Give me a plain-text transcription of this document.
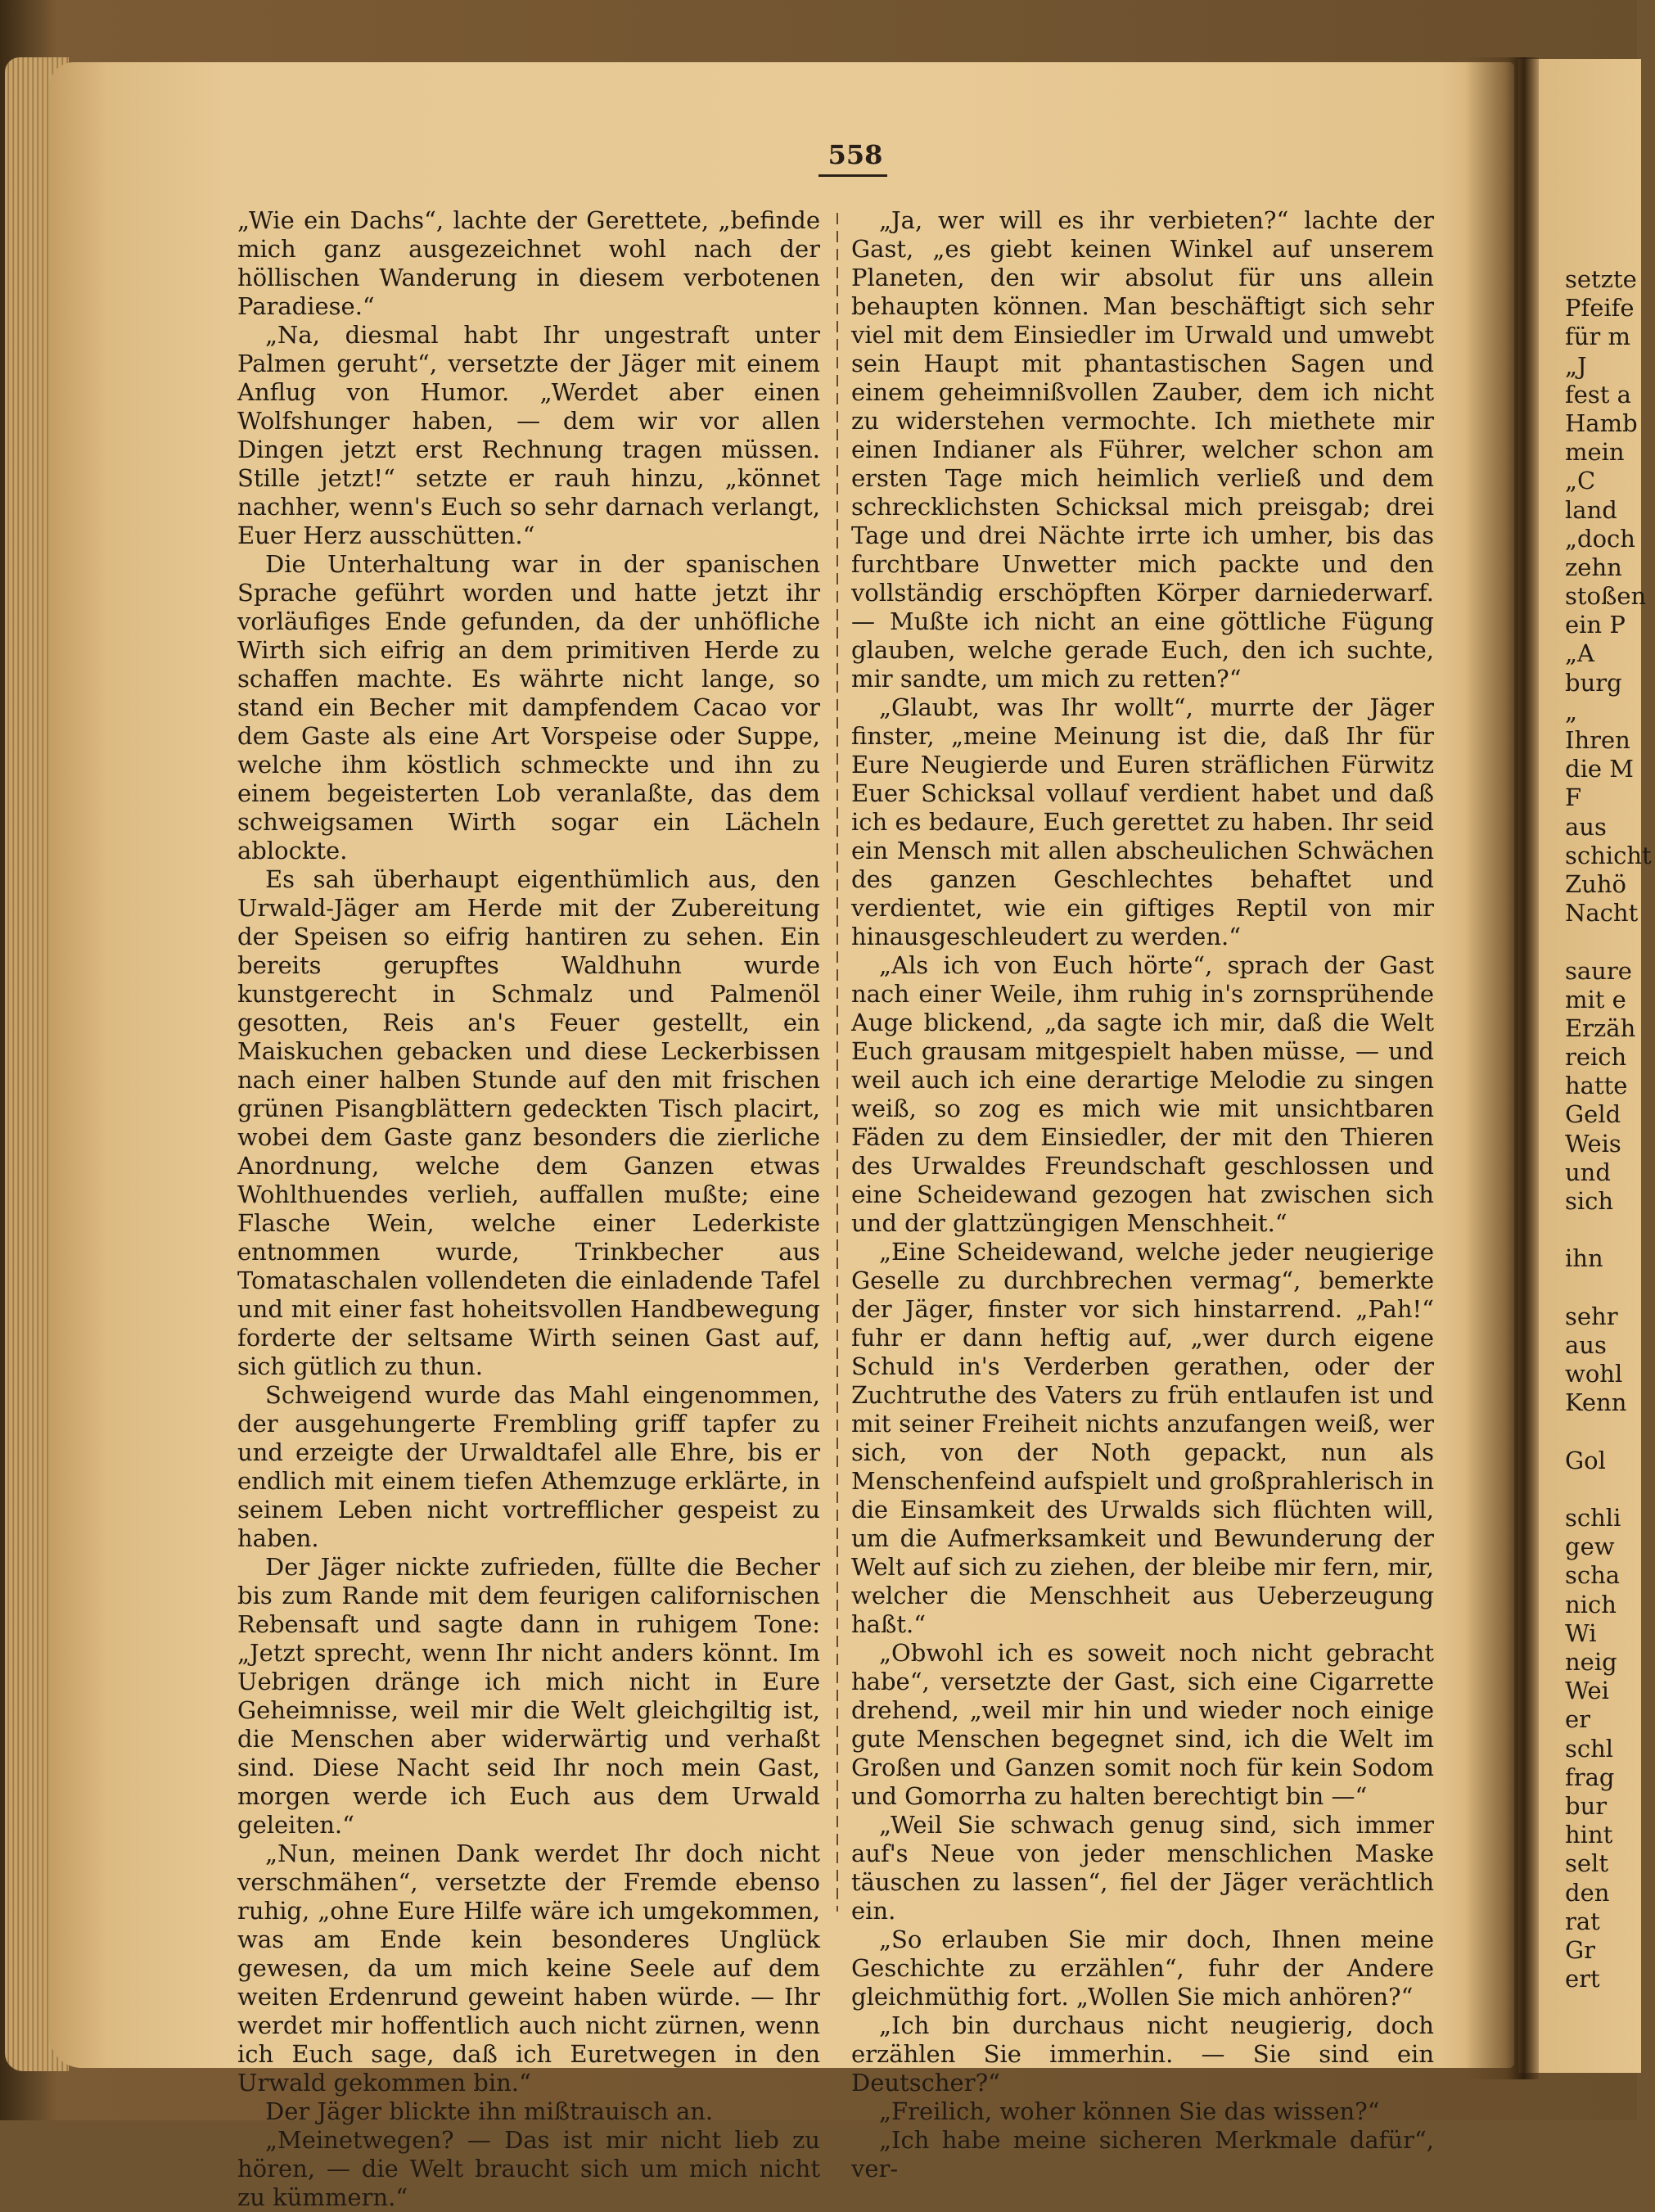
setzte
Pfeife
für m
„J
fest a
Hamb
mein
„C
land
„doch
zehn
stoßen
ein P
„A
burg
„
Ihren
die M
F
aus
schicht
Zuhö
Nacht
saure
mit e
Erzäh
reich
hatte
Geld
Weis
und
sich
ihn
sehr
aus
wohl
Kenn
Gol
schli
gew
scha
nich
Wi
neig
Wei
er
schl
frag
bur
hint
selt
den
rat
Gr
ert
558

„Wie ein Dachs“, lachte der Gerettete, „befinde mich ganz ausgezeichnet wohl nach der höllischen Wanderung in diesem verbotenen Paradiese.“

„Na, diesmal habt Ihr ungestraft unter Palmen geruht“, versetzte der Jäger mit einem Anflug von Humor. „Werdet aber einen Wolfshunger haben, — dem wir vor allen Dingen jetzt erst Rechnung tragen müssen. Stille jetzt!“ setzte er rauh hinzu, „könnet nachher, wenn's Euch so sehr darnach verlangt, Euer Herz ausschütten.“

Die Unterhaltung war in der spanischen Sprache geführt worden und hatte jetzt ihr vorläufiges Ende gefunden, da der unhöfliche Wirth sich eifrig an dem primitiven Herde zu schaffen machte. Es währte nicht lange, so stand ein Becher mit dampfendem Cacao vor dem Gaste als eine Art Vorspeise oder Suppe, welche ihm köstlich schmeckte und ihn zu einem begeisterten Lob veranlaßte, das dem schweigsamen Wirth sogar ein Lächeln ablockte.

Es sah überhaupt eigenthümlich aus, den Urwald-Jäger am Herde mit der Zubereitung der Speisen so eifrig hantiren zu sehen. Ein bereits gerupftes Waldhuhn wurde kunstgerecht in Schmalz und Palmenöl gesotten, Reis an's Feuer gestellt, ein Maiskuchen gebacken und diese Leckerbissen nach einer halben Stunde auf den mit frischen grünen Pisangblättern gedeckten Tisch placirt, wobei dem Gaste ganz besonders die zierliche Anordnung, welche dem Ganzen etwas Wohlthuendes verlieh, auffallen mußte; eine Flasche Wein, welche einer Lederkiste entnommen wurde, Trinkbecher aus Tomataschalen vollendeten die einladende Tafel und mit einer fast hoheitsvollen Handbewegung forderte der seltsame Wirth seinen Gast auf, sich gütlich zu thun.

Schweigend wurde das Mahl eingenommen, der ausgehungerte Frembling griff tapfer zu und erzeigte der Urwaldtafel alle Ehre, bis er endlich mit einem tiefen Athemzuge erklärte, in seinem Leben nicht vortrefflicher gespeist zu haben.

Der Jäger nickte zufrieden, füllte die Becher bis zum Rande mit dem feurigen californischen Rebensaft und sagte dann in ruhigem Tone: „Jetzt sprecht, wenn Ihr nicht anders könnt. Im Uebrigen dränge ich mich nicht in Eure Geheimnisse, weil mir die Welt gleichgiltig ist, die Menschen aber widerwärtig und verhaßt sind. Diese Nacht seid Ihr noch mein Gast, morgen werde ich Euch aus dem Urwald geleiten.“

„Nun, meinen Dank werdet Ihr doch nicht verschmähen“, versetzte der Fremde ebenso ruhig, „ohne Eure Hilfe wäre ich umgekommen, was am Ende kein besonderes Unglück gewesen, da um mich keine Seele auf dem weiten Erdenrund geweint haben würde. — Ihr werdet mir hoffentlich auch nicht zürnen, wenn ich Euch sage, daß ich Euretwegen in den Urwald gekommen bin.“

Der Jäger blickte ihn mißtrauisch an.

„Meinetwegen? — Das ist mir nicht lieb zu hören, — die Welt braucht sich um mich nicht zu kümmern.“

„Ja, wer will es ihr verbieten?“ lachte der Gast, „es giebt keinen Winkel auf unserem Planeten, den wir absolut für uns allein behaupten können. Man beschäftigt sich sehr viel mit dem Einsiedler im Urwald und umwebt sein Haupt mit phantastischen Sagen und einem geheimnißvollen Zauber, dem ich nicht zu widerstehen vermochte. Ich miethete mir einen Indianer als Führer, welcher schon am ersten Tage mich heimlich verließ und dem schrecklichsten Schicksal mich preisgab; drei Tage und drei Nächte irrte ich umher, bis das furchtbare Unwetter mich packte und den vollständig erschöpften Körper darniederwarf. — Mußte ich nicht an eine göttliche Fügung glauben, welche gerade Euch, den ich suchte, mir sandte, um mich zu retten?“

„Glaubt, was Ihr wollt“, murrte der Jäger finster, „meine Meinung ist die, daß Ihr für Eure Neugierde und Euren sträflichen Fürwitz Euer Schicksal vollauf verdient habet und daß ich es bedaure, Euch gerettet zu haben. Ihr seid ein Mensch mit allen abscheulichen Schwächen des ganzen Geschlechtes behaftet und verdientet, wie ein giftiges Reptil von mir hinausgeschleudert zu werden.“

„Als ich von Euch hörte“, sprach der Gast nach einer Weile, ihm ruhig in's zornsprühende Auge blickend, „da sagte ich mir, daß die Welt Euch grausam mitgespielt haben müsse, — und weil auch ich eine derartige Melodie zu singen weiß, so zog es mich wie mit unsichtbaren Fäden zu dem Einsiedler, der mit den Thieren des Urwaldes Freundschaft geschlossen und eine Scheidewand gezogen hat zwischen sich und der glattzüngigen Menschheit.“

„Eine Scheidewand, welche jeder neugierige Geselle zu durchbrechen vermag“, bemerkte der Jäger, finster vor sich hinstarrend. „Pah!“ fuhr er dann heftig auf, „wer durch eigene Schuld in's Verderben gerathen, oder der Zuchtruthe des Vaters zu früh entlaufen ist und mit seiner Freiheit nichts anzufangen weiß, wer sich, von der Noth gepackt, nun als Menschenfeind aufspielt und großprahlerisch in die Einsamkeit des Urwalds sich flüchten will, um die Aufmerksamkeit und Bewunderung der Welt auf sich zu ziehen, der bleibe mir fern, mir, welcher die Menschheit aus Ueberzeugung haßt.“

„Obwohl ich es soweit noch nicht gebracht habe“, versetzte der Gast, sich eine Cigarrette drehend, „weil mir hin und wieder noch einige gute Menschen begegnet sind, ich die Welt im Großen und Ganzen somit noch für kein Sodom und Gomorrha zu halten berechtigt bin —“

„Weil Sie schwach genug sind, sich immer auf's Neue von jeder menschlichen Maske täuschen zu lassen“, fiel der Jäger verächtlich ein.

„So erlauben Sie mir doch, Ihnen meine Geschichte zu erzählen“, fuhr der Andere gleichmüthig fort. „Wollen Sie mich anhören?“

„Ich bin durchaus nicht neugierig, doch erzählen Sie immerhin. — Sie sind ein Deutscher?“

„Freilich, woher können Sie das wissen?“

„Ich habe meine sicheren Merkmale dafür“, ver-
